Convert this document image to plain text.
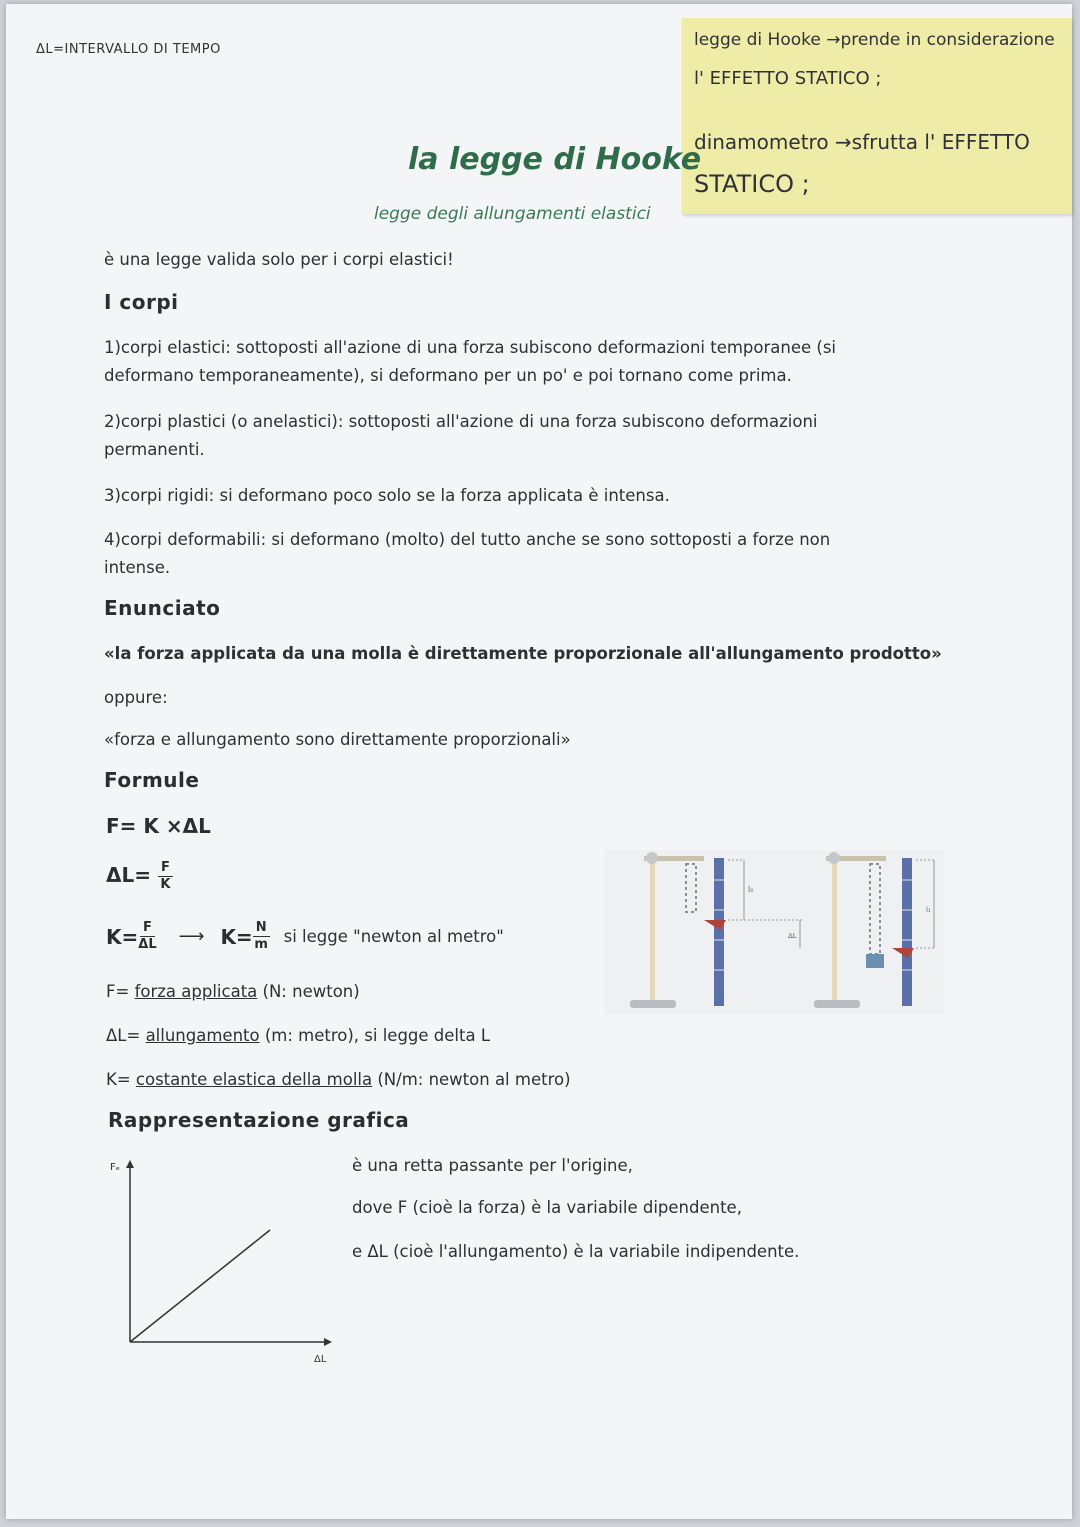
ΔL=INTERVALLO DI TEMPO	legge di Hooke →prende in considerazione

l' EFFETTO STATICO ;

dinamometro →sfrutta l' EFFETTO

STATICO ;

la legge di Hooke
legge degli allungamenti elastici
è una legge valida solo per i corpi elastici!
I corpi
1)corpi elastici: sottoposti all'azione di una forza subiscono deformazioni temporanee (si
deformano temporaneamente), si deformano per un po' e poi tornano come prima.
2)corpi plastici (o anelastici): sottoposti all'azione di una forza subiscono deformazioni
permanenti.
3)corpi rigidi: si deformano poco solo se la forza applicata è intensa.
4)corpi deformabili: si deformano (molto) del tutto anche se sono sottoposti a forze non
intense.
Enunciato
«la forza applicata da una molla è direttamente proporzionale all'allungamento prodotto»
oppure:
«forza e allungamento sono direttamente proporzionali»
Formule
F= K ×ΔL
$\Delta L= \frac{F}{K}$
$K= \frac{F}{\Delta L}$ ⟶ $K= \frac{N}{m}$ si legge "newton al metro"
F= forza applicata (N: newton)
ΔL= allungamento (m: metro), si legge delta L
K= costante elastica della molla (N/m: newton al metro)
l₀
ΔL
l₁
Rappresentazione grafica
Fₑ
ΔL
è una retta passante per l'origine,
dove F (cioè la forza) è la variabile dipendente,
e ΔL (cioè l'allungamento) è la variabile indipendente.
